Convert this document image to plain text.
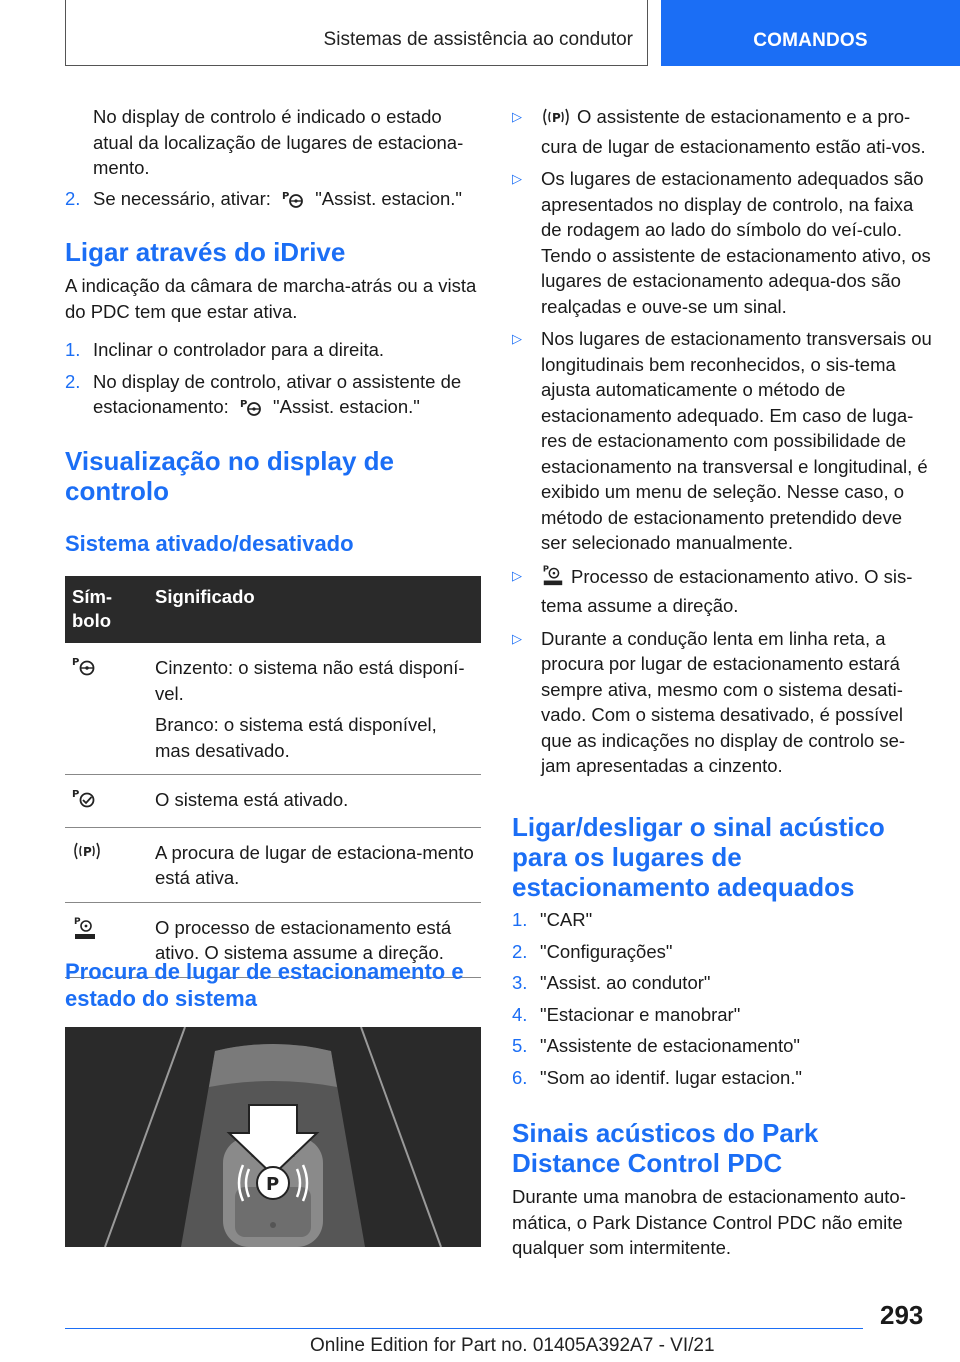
Sistemas de assistência ao condutor	COMANDOS

No display de controlo é indicado o estado atual da localização de lugares de estaciona-mento.

2. Se necessário, ativar: P "Assist. estacion."
Ligar através do iDrive

A indicação da câmara de marcha-atrás ou a vista do PDC tem que estar ativa.

1. Inclinar o controlador para a direita.
2. No display de controlo, ativar o assistente de estacionamento: P "Assist. estacion."
Visualização no display de controlo
Sistema ativado/desativado
Sím-bolo	Significado

P	Cinzento: o sistema não está disponí-vel.

Branco: o sistema está disponível, mas desativado.

P	O sistema está ativado.

P	A procura de lugar de estaciona-mento está ativa.

P	O processo de estacionamento está ativo. O sistema assume a direção.

Procura de lugar de estacionamento e estado do sistema
P
▷	P O assistente de estacionamento e a pro-cura de lugar de estacionamento estão ati-vos.
▷ Os lugares de estacionamento adequados são apresentados no display de controlo, na faixa de rodagem ao lado do símbolo do veí-culo. Tendo o assistente de estacionamento ativo, os lugares de estacionamento adequa-dos são realçadas e ouve-se um sinal.
▷ Nos lugares de estacionamento transversais ou longitudinais bem reconhecidos, o sis-tema ajusta automaticamente o método de estacionamento adequado. Em caso de luga-res de estacionamento com possibilidade de estacionamento na transversal e longitudinal, é exibido um menu de seleção. Nesse caso, o método de estacionamento pretendido deve ser selecionado manualmente.
▷ P Processo de estacionamento ativo. O sis-tema assume a direção.
▷ Durante a condução lenta em linha reta, a procura por lugar de estacionamento estará sempre ativa, mesmo com o sistema desati-vado. Com o sistema desativado, é possível que as indicações no display de controlo se-jam apresentadas a cinzento.
Ligar/desligar o sinal acústico para os lugares de estacionamento adequados
1. "CAR"
2. "Configurações"
3. "Assist. ao condutor"
4. "Estacionar e manobrar"
5. "Assistente de estacionamento"
6. "Som ao identif. lugar estacion."
Sinais acústicos do Park Distance Control PDC

Durante uma manobra de estacionamento auto-mática, o Park Distance Control PDC não emite qualquer som intermitente.

293
Online Edition for Part no. 01405A392A7 - VI/21
